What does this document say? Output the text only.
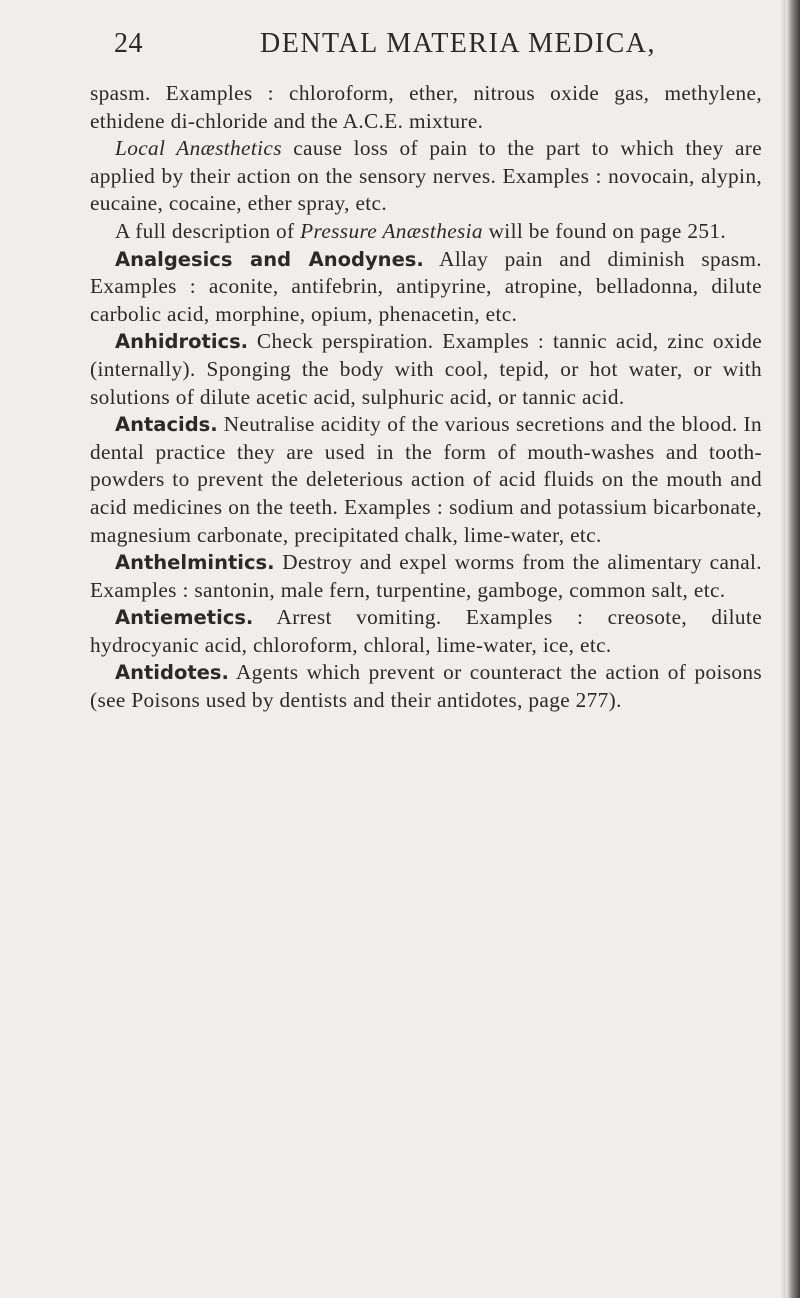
24	DENTAL MATERIA MEDICA,

spasm. Examples : chloroform, ether, nitrous oxide gas, methylene, ethidene di-chloride and the A.C.E. mixture.

Local Anæsthetics cause loss of pain to the part to which they are applied by their action on the sensory nerves. Examples : novocain, alypin, eucaine, cocaine, ether spray, etc.

A full description of Pressure Anæsthesia will be found on page 251.

Analgesics and Anodynes. Allay pain and diminish spasm. Examples : aconite, antifebrin, antipyrine, atropine, belladonna, dilute carbolic acid, morphine, opium, phenacetin, etc.

Anhidrotics. Check perspiration. Examples : tannic acid, zinc oxide (internally). Sponging the body with cool, tepid, or hot water, or with solutions of dilute acetic acid, sulphuric acid, or tannic acid.

Antacids. Neutralise acidity of the various secretions and the blood. In dental practice they are used in the form of mouth-washes and tooth-powders to prevent the deleterious action of acid fluids on the mouth and acid medicines on the teeth. Examples : sodium and potassium bicarbonate, magnesium carbonate, precipitated chalk, lime-water, etc.

Anthelmintics. Destroy and expel worms from the alimentary canal. Examples : santonin, male fern, turpentine, gamboge, common salt, etc.

Antiemetics. Arrest vomiting. Examples : creosote, dilute hydrocyanic acid, chloroform, chloral, lime-water, ice, etc.

Antidotes. Agents which prevent or counteract the action of poisons (see Poisons used by dentists and their antidotes, page 277).
